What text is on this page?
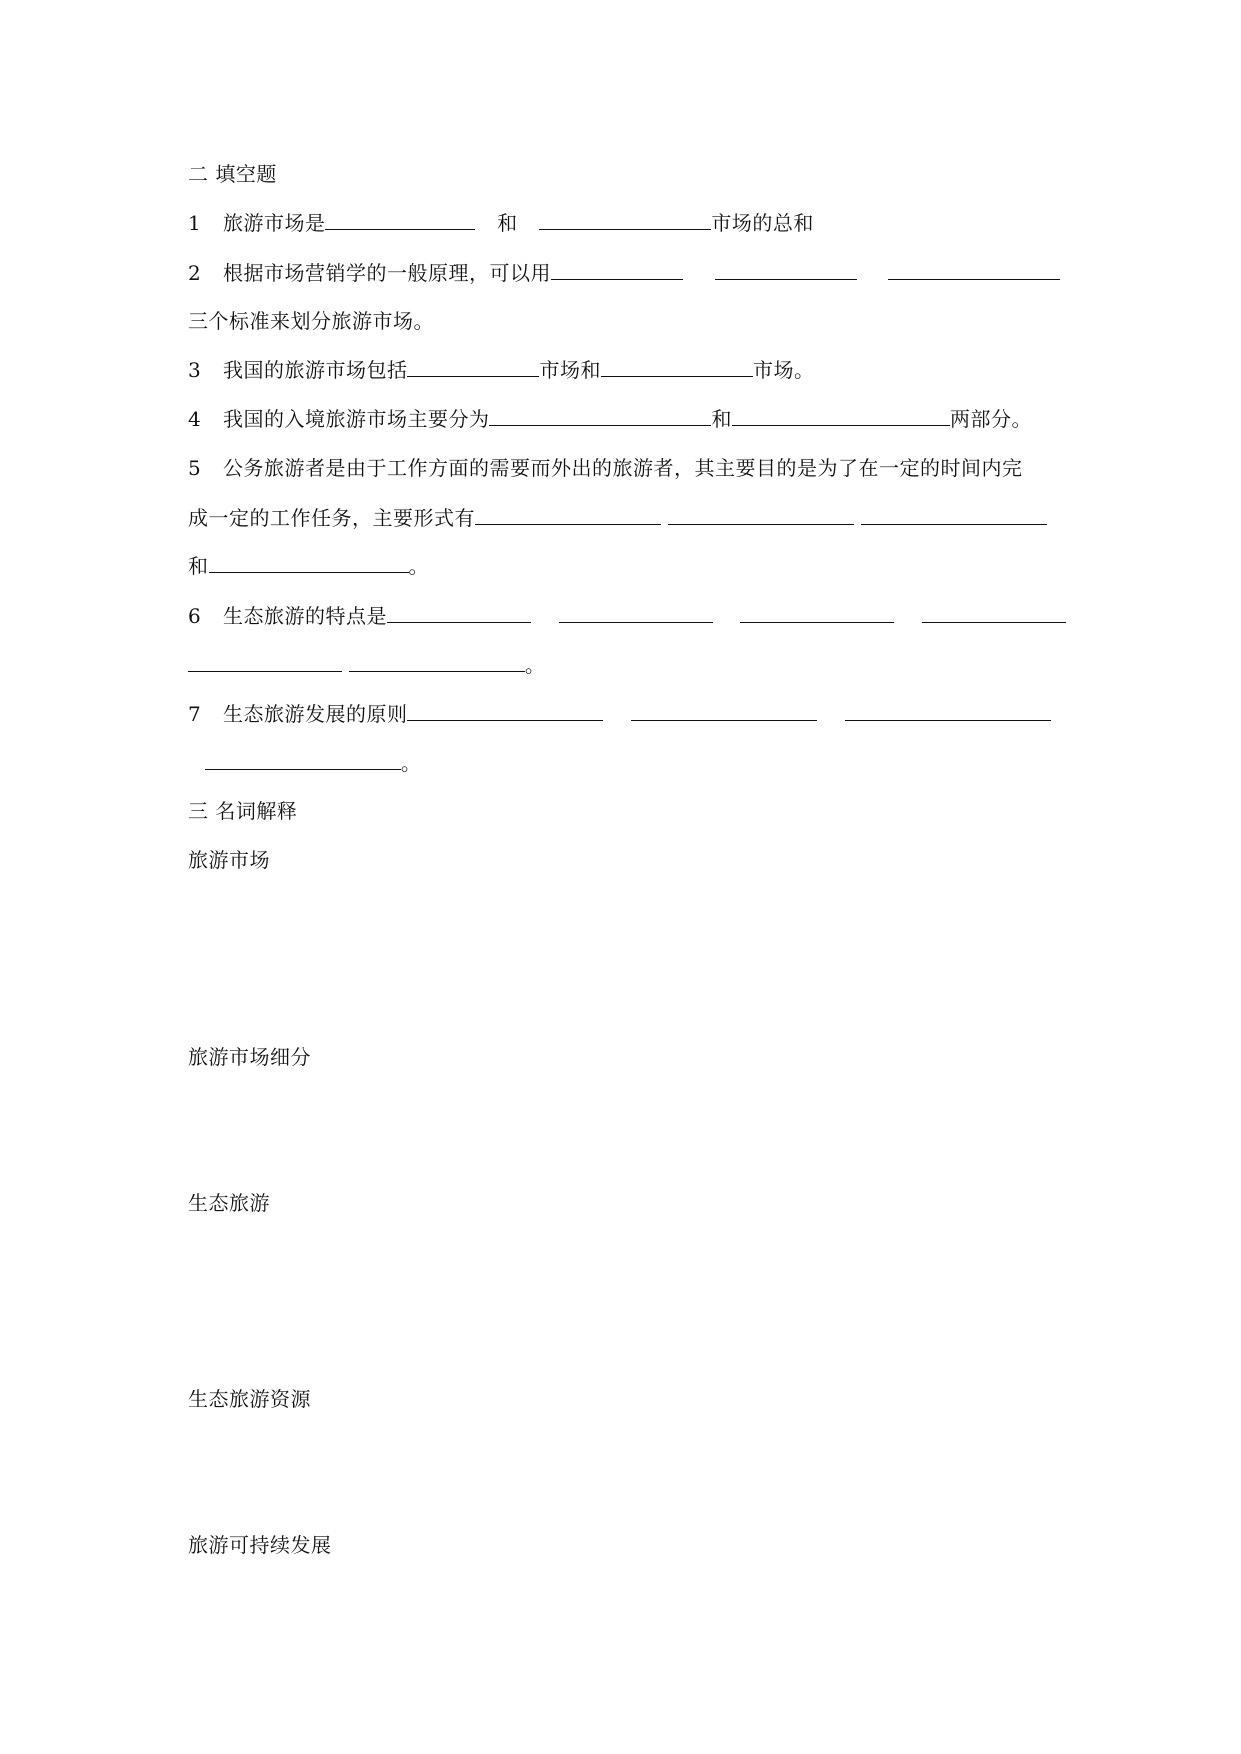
二 填空题
1 旅游市场是	和	市场的总和
2 根据市场营销学的一般原理，可以用
三个标准来划分旅游市场。
3 我国的旅游市场包括	市场和	市场。
4 我国的入境旅游市场主要分为	和	两部分。
5 公务旅游者是由于工作方面的需要而外出的旅游者，其主要目的是为了在一定的时间内完
成一定的工作任务，主要形式有
和	。
6 生态旅游的特点是
。
7 生态旅游发展的原则
。
三 名词解释
旅游市场
旅游市场细分
生态旅游
生态旅游资源
旅游可持续发展
